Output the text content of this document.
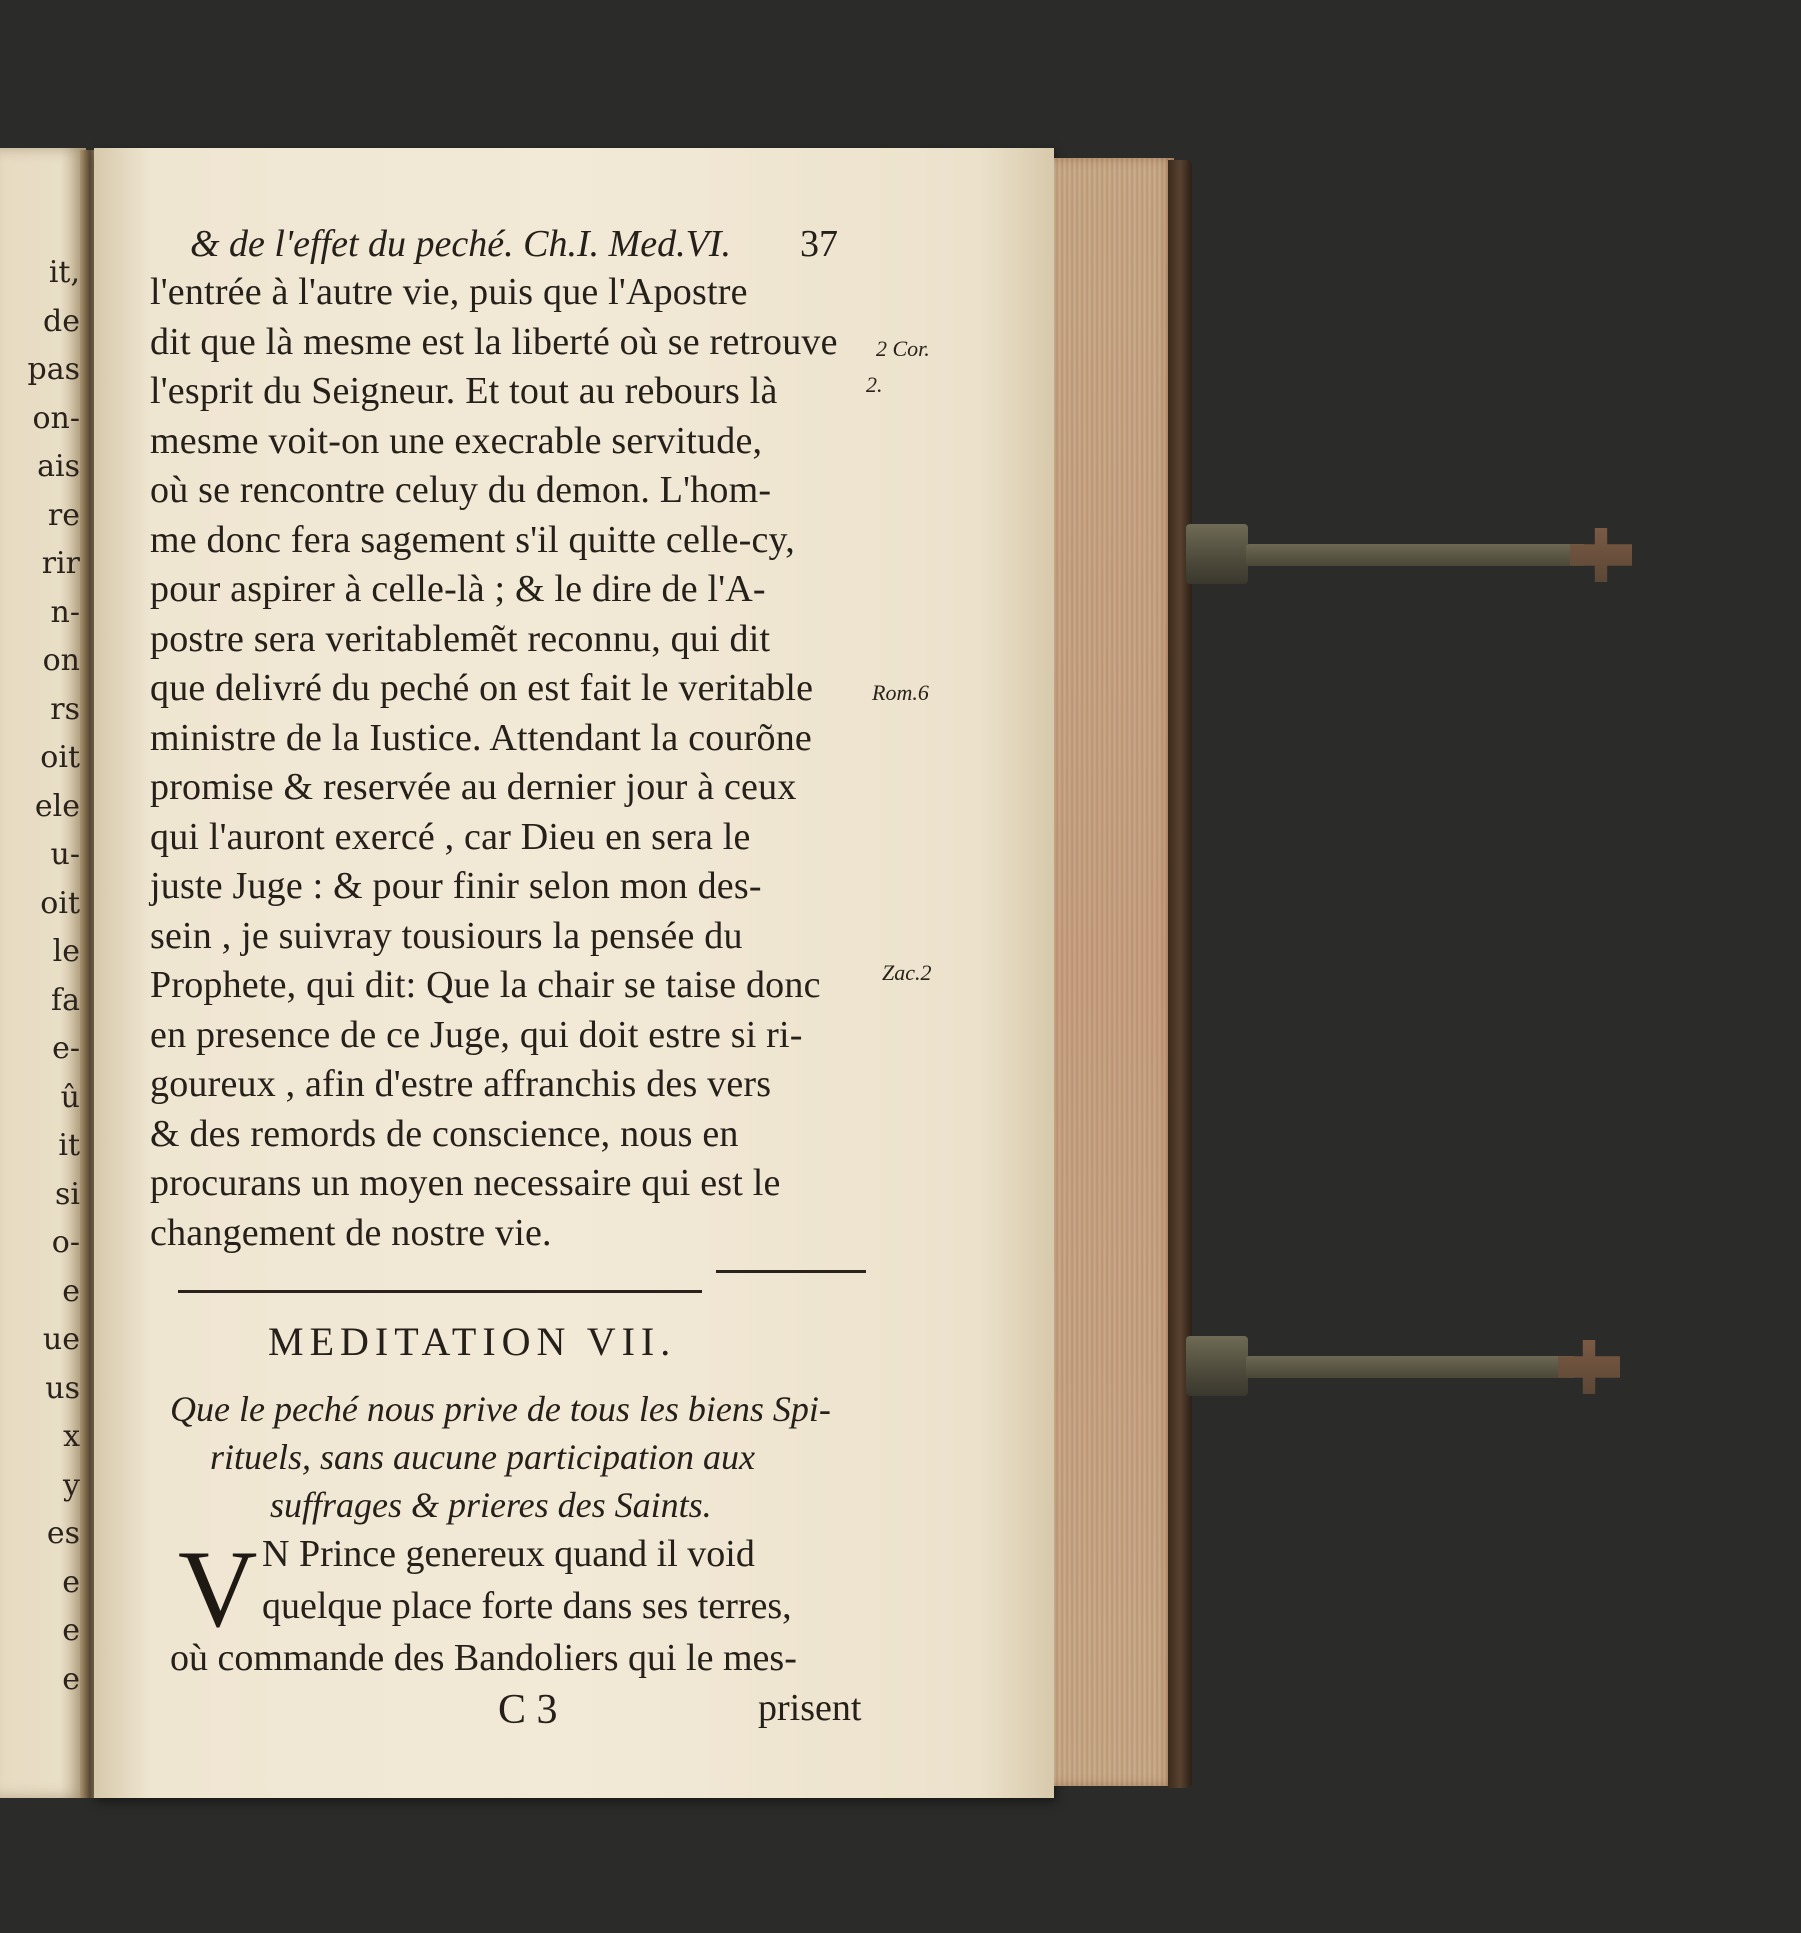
it,
de
pas
on-
ais
re
rir
n-
on
rs
oit
ele
u-
oit
le
fa
e-
û
it
si
o-
e
ue
us
x
y
es
e
e
e
& de l'effet du peché. Ch.I. Med.VI.	37
l'entrée à l'autre vie, puis que l'Apostre
dit que là mesme est la liberté où se retrouve
l'esprit du Seigneur. Et tout au rebours là
mesme voit-on une execrable servitude,
où se rencontre celuy du demon. L'hom-
me donc fera sagement s'il quitte celle-cy,
pour aspirer à celle-là ; & le dire de l'A-
postre sera veritablemẽt reconnu, qui dit
que delivré du peché on est fait le veritable
ministre de la Iustice. Attendant la courõne
promise & reservée au dernier jour à ceux
qui l'auront exercé , car Dieu en sera le
juste Juge : & pour finir selon mon des-
sein , je suivray tousiours la pensée du
Prophete, qui dit: Que la chair se taise donc
en presence de ce Juge, qui doit estre si ri-
goureux , afin d'estre affranchis des vers
& des remords de conscience, nous en
procurans un moyen necessaire qui est le
changement de nostre vie.
2 Cor.
2.
Rom.6
Zac.2
MEDITATION VII.
Que le peché nous prive de tous les biens Spi-
rituels, sans aucune participation aux
suffrages & prieres des Saints.
V N Prince genereux quand il void
quelque place forte dans ses terres,
où commande des Bandoliers qui le mes-
C 3	prisent
